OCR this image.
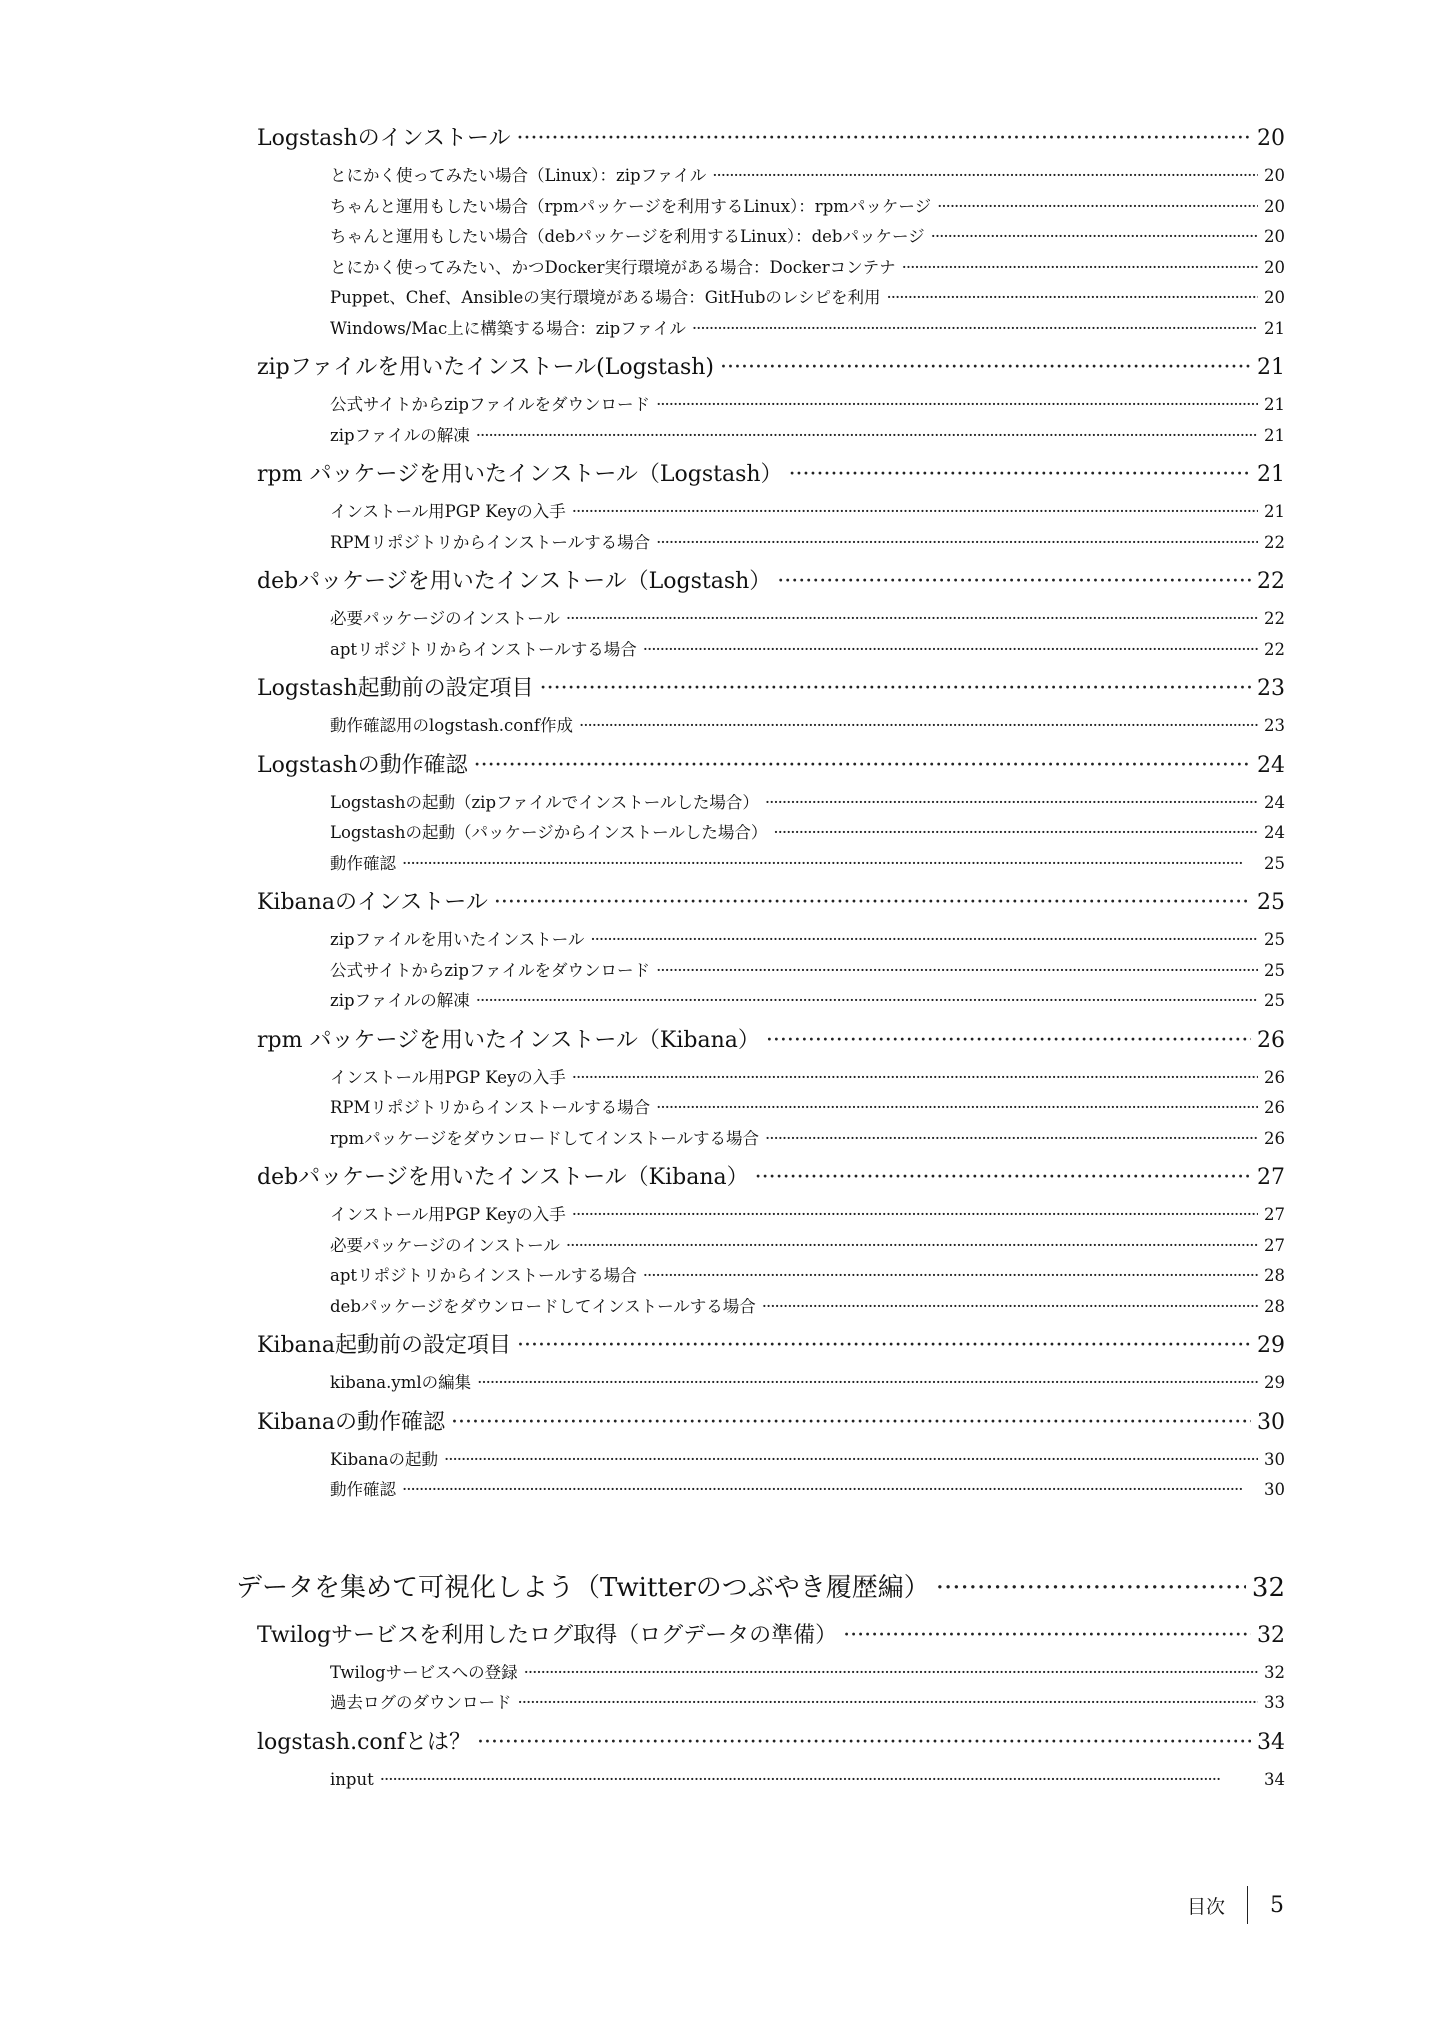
Logstashのインストール ·····	20
とにかく使ってみたい場合（Linux）：zipファイル ·····	20
ちゃんと運用もしたい場合（rpmパッケージを利用するLinux）：rpmパッケージ ·····	20
ちゃんと運用もしたい場合（debパッケージを利用するLinux）：debパッケージ ·····	20
とにかく使ってみたい、かつDocker実行環境がある場合：Dockerコンテナ ·····	20
Puppet、Chef、Ansibleの実行環境がある場合：GitHubのレシピを利用 ·····	20
Windows/Mac上に構築する場合：zipファイル ·····	21
zipファイルを用いたインストール(Logstash) ·····	21
公式サイトからzipファイルをダウンロード ·····	21
zipファイルの解凍 ·····	21
rpm パッケージを用いたインストール（Logstash） ·····	21
インストール用PGP Keyの入手 ·····	21
RPMリポジトリからインストールする場合 ·····	22
debパッケージを用いたインストール（Logstash） ·····	22
必要パッケージのインストール ·····	22
aptリポジトリからインストールする場合 ·····	22
Logstash起動前の設定項目 ·····	23
動作確認用のlogstash.conf作成 ·····	23
Logstashの動作確認 ·····	24
Logstashの起動（zipファイルでインストールした場合） ·····	24
Logstashの起動（パッケージからインストールした場合） ·····	24
動作確認 ·····	25
Kibanaのインストール ·····	25
zipファイルを用いたインストール ·····	25
公式サイトからzipファイルをダウンロード ·····	25
zipファイルの解凍 ·····	25
rpm パッケージを用いたインストール（Kibana） ·····	26
インストール用PGP Keyの入手 ·····	26
RPMリポジトリからインストールする場合 ·····	26
rpmパッケージをダウンロードしてインストールする場合 ·····	26
debパッケージを用いたインストール（Kibana） ·····	27
インストール用PGP Keyの入手 ·····	27
必要パッケージのインストール ·····	27
aptリポジトリからインストールする場合 ·····	28
debパッケージをダウンロードしてインストールする場合 ·····	28
Kibana起動前の設定項目 ·····	29
kibana.ymlの編集 ·····	29
Kibanaの動作確認 ·····	30
Kibanaの起動 ·····	30
動作確認 ·····	30
データを集めて可視化しよう（Twitterのつぶやき履歴編） ·····	32
Twilogサービスを利用したログ取得（ログデータの準備） ·····	32
Twilogサービスへの登録 ·····	32
過去ログのダウンロード ·····	33
logstash.confとは？ ·····	34
input ·····	34
目次 5
